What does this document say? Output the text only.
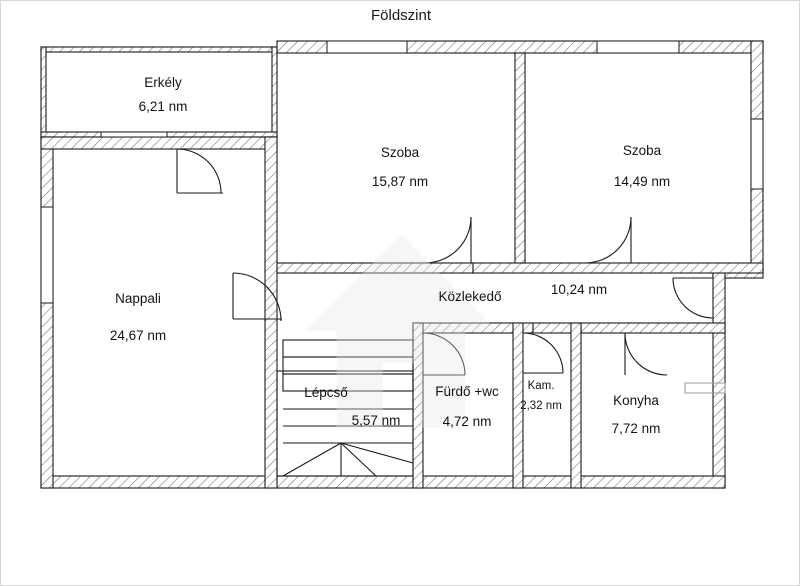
Földszint
Erkély
6,21 nm
Szoba
15,87 nm
Szoba
14,49 nm
Nappali
24,67 nm
Közlekedő	10,24 nm
Lépcső
5,57 nm
Fürdő +wc
4,72 nm
Kam.
2,32 nm	Konyha
7,72 nm
